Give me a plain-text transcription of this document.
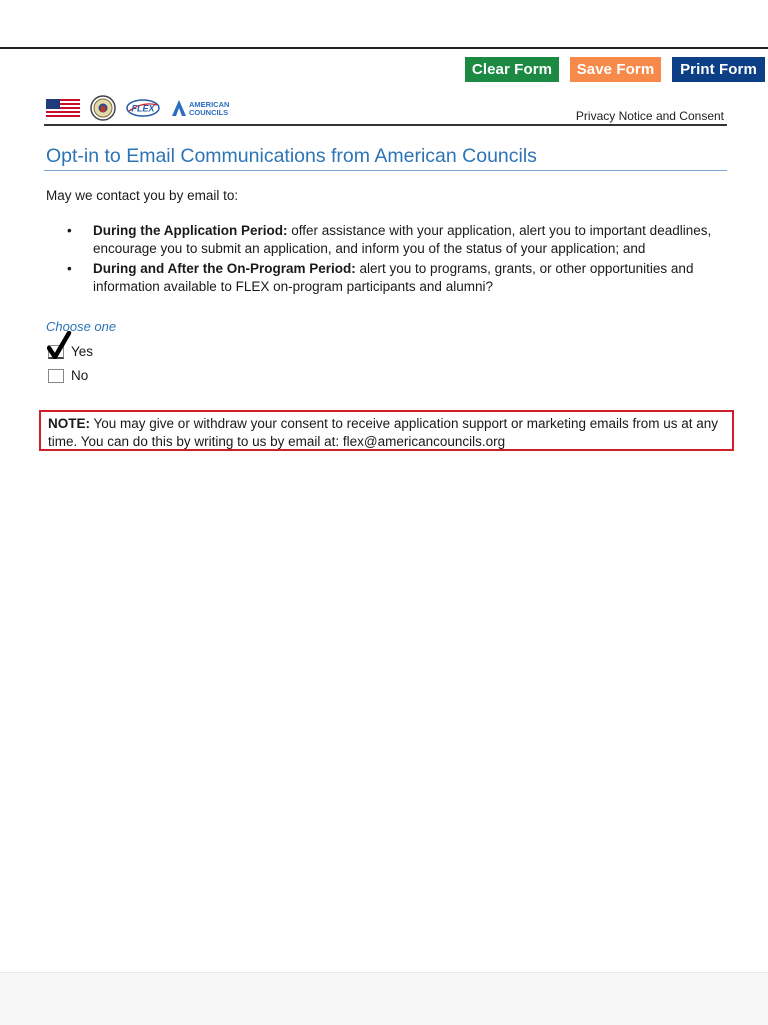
Clear Form	Save Form	Print Form
FLEX	AMERICAN
COUNCILS	Privacy Notice and Consent
Opt-in to Email Communications from American Councils
May we contact you by email to:
• During the Application Period: offer assistance with your application, alert you to important deadlines, encourage you to submit an application, and inform you of the status of your application; and
• During and After the On-Program Period: alert you to programs, grants, or other opportunities and information available to FLEX on-program participants and alumni?
Choose one
Yes
No
NOTE: You may give or withdraw your consent to receive application support or marketing emails from us at any time. You can do this by writing to us by email at: flex@americancouncils.org
